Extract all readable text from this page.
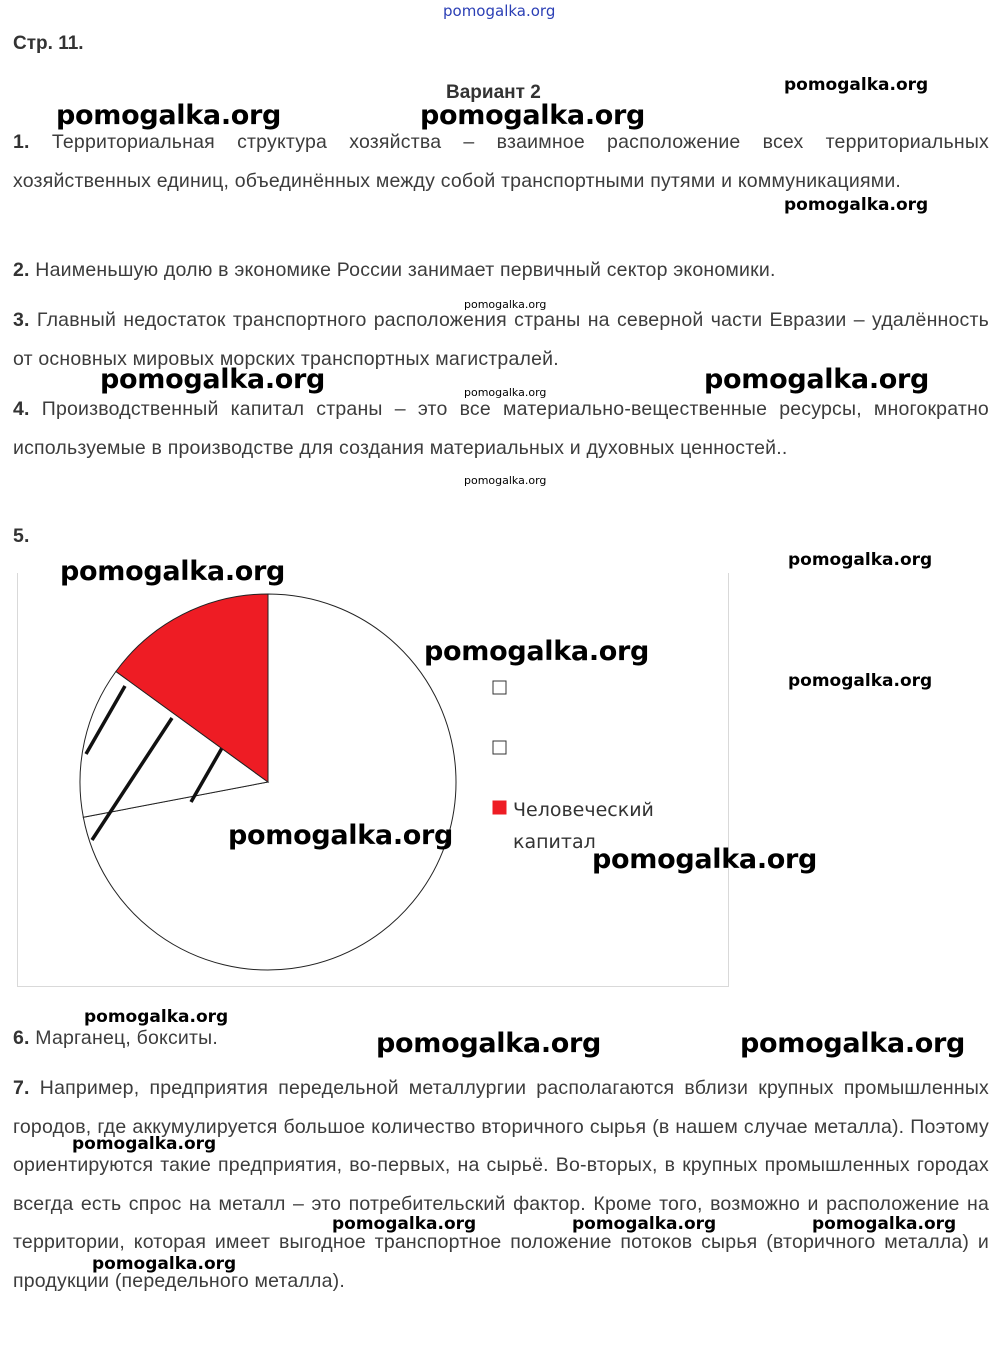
pomogalka.org
Стр. 11.
Вариант 2
1. Территориальная структура хозяйства – взаимное расположение всех территориальных хозяйственных единиц, объединённых между собой транспортными путями и коммуникациями.
2. Наименьшую долю в экономике России занимает первичный сектор экономики.
3. Главный недостаток транспортного расположения страны на северной части Евразии – удалённость от основных мировых морских транспортных магистралей.
4. Производственный капитал страны – это все материально-вещественные ресурсы, многократно используемые в производстве для создания материальных и духовных ценностей..
5.
Человеческий
капитал
6. Марганец, бокситы.
7. Например, предприятия передельной металлургии располагаются вблизи крупных промышленных городов, где аккумулируется большое количество вторичного сырья (в нашем случае металла). Поэтому ориентируются такие предприятия, во-первых, на сырьё. Во-вторых, в крупных промышленных городах всегда есть спрос на металл – это потребительский фактор. Кроме того, возможно и расположение на территории, которая имеет выгодное транспортное положение потоков сырья (вторичного металла) и продукции (передельного металла).
pomogalka.org
pomogalka.org	pomogalka.org
pomogalka.org
pomogalka.org
pomogalka.org	pomogalka.org	pomogalka.org
pomogalka.org
pomogalka.org
pomogalka.org
pomogalka.org
pomogalka.org
pomogalka.org
pomogalka.org
pomogalka.org
pomogalka.org	pomogalka.org
pomogalka.org
pomogalka.org	pomogalka.org	pomogalka.org
pomogalka.org
